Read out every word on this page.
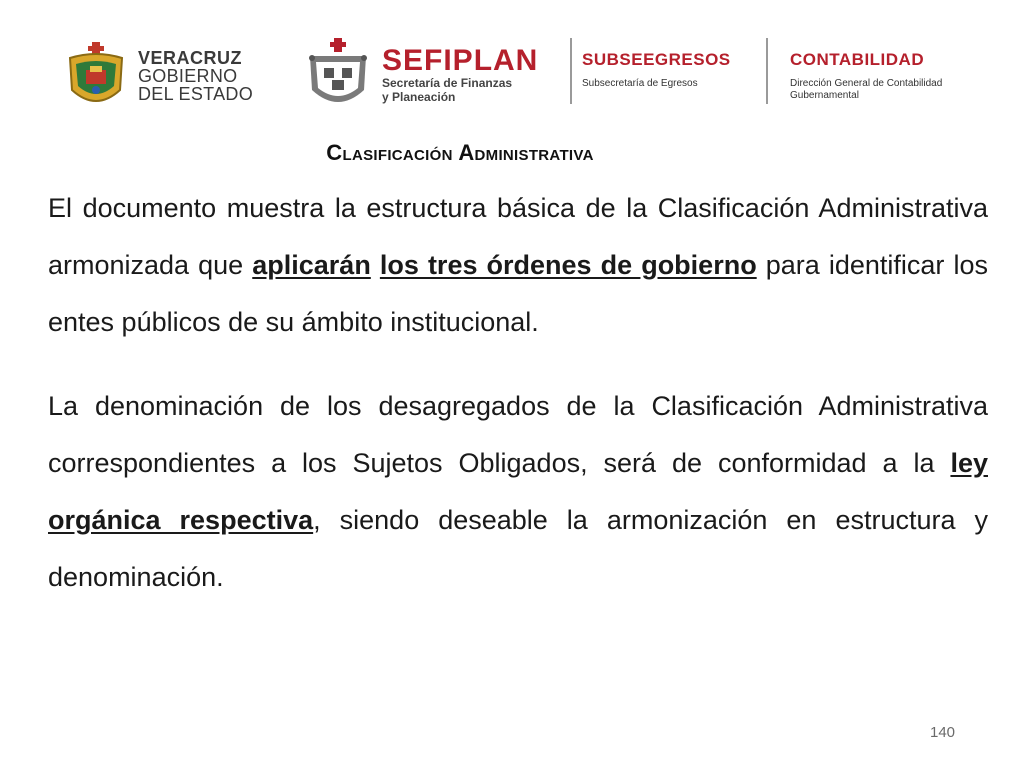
VERACRUZ
GOBIERNO
DEL ESTADO
SEFIPLAN
Secretaría de Finanzas
y Planeación
SUBSEEGRESOS
Subsecretaría de Egresos
CONTABILIDAD
Dirección General de Contabilidad
Gubernamental
Clasificación Administrativa
El documento muestra la estructura básica de la Clasificación Administrativa armonizada que aplicarán los tres órdenes de gobierno para identificar los entes públicos de su ámbito institucional.
La denominación de los desagregados de la Clasificación Administrativa correspondientes a los Sujetos Obligados, será de conformidad a la ley orgánica respectiva, siendo deseable la armonización en estructura y denominación.
140
